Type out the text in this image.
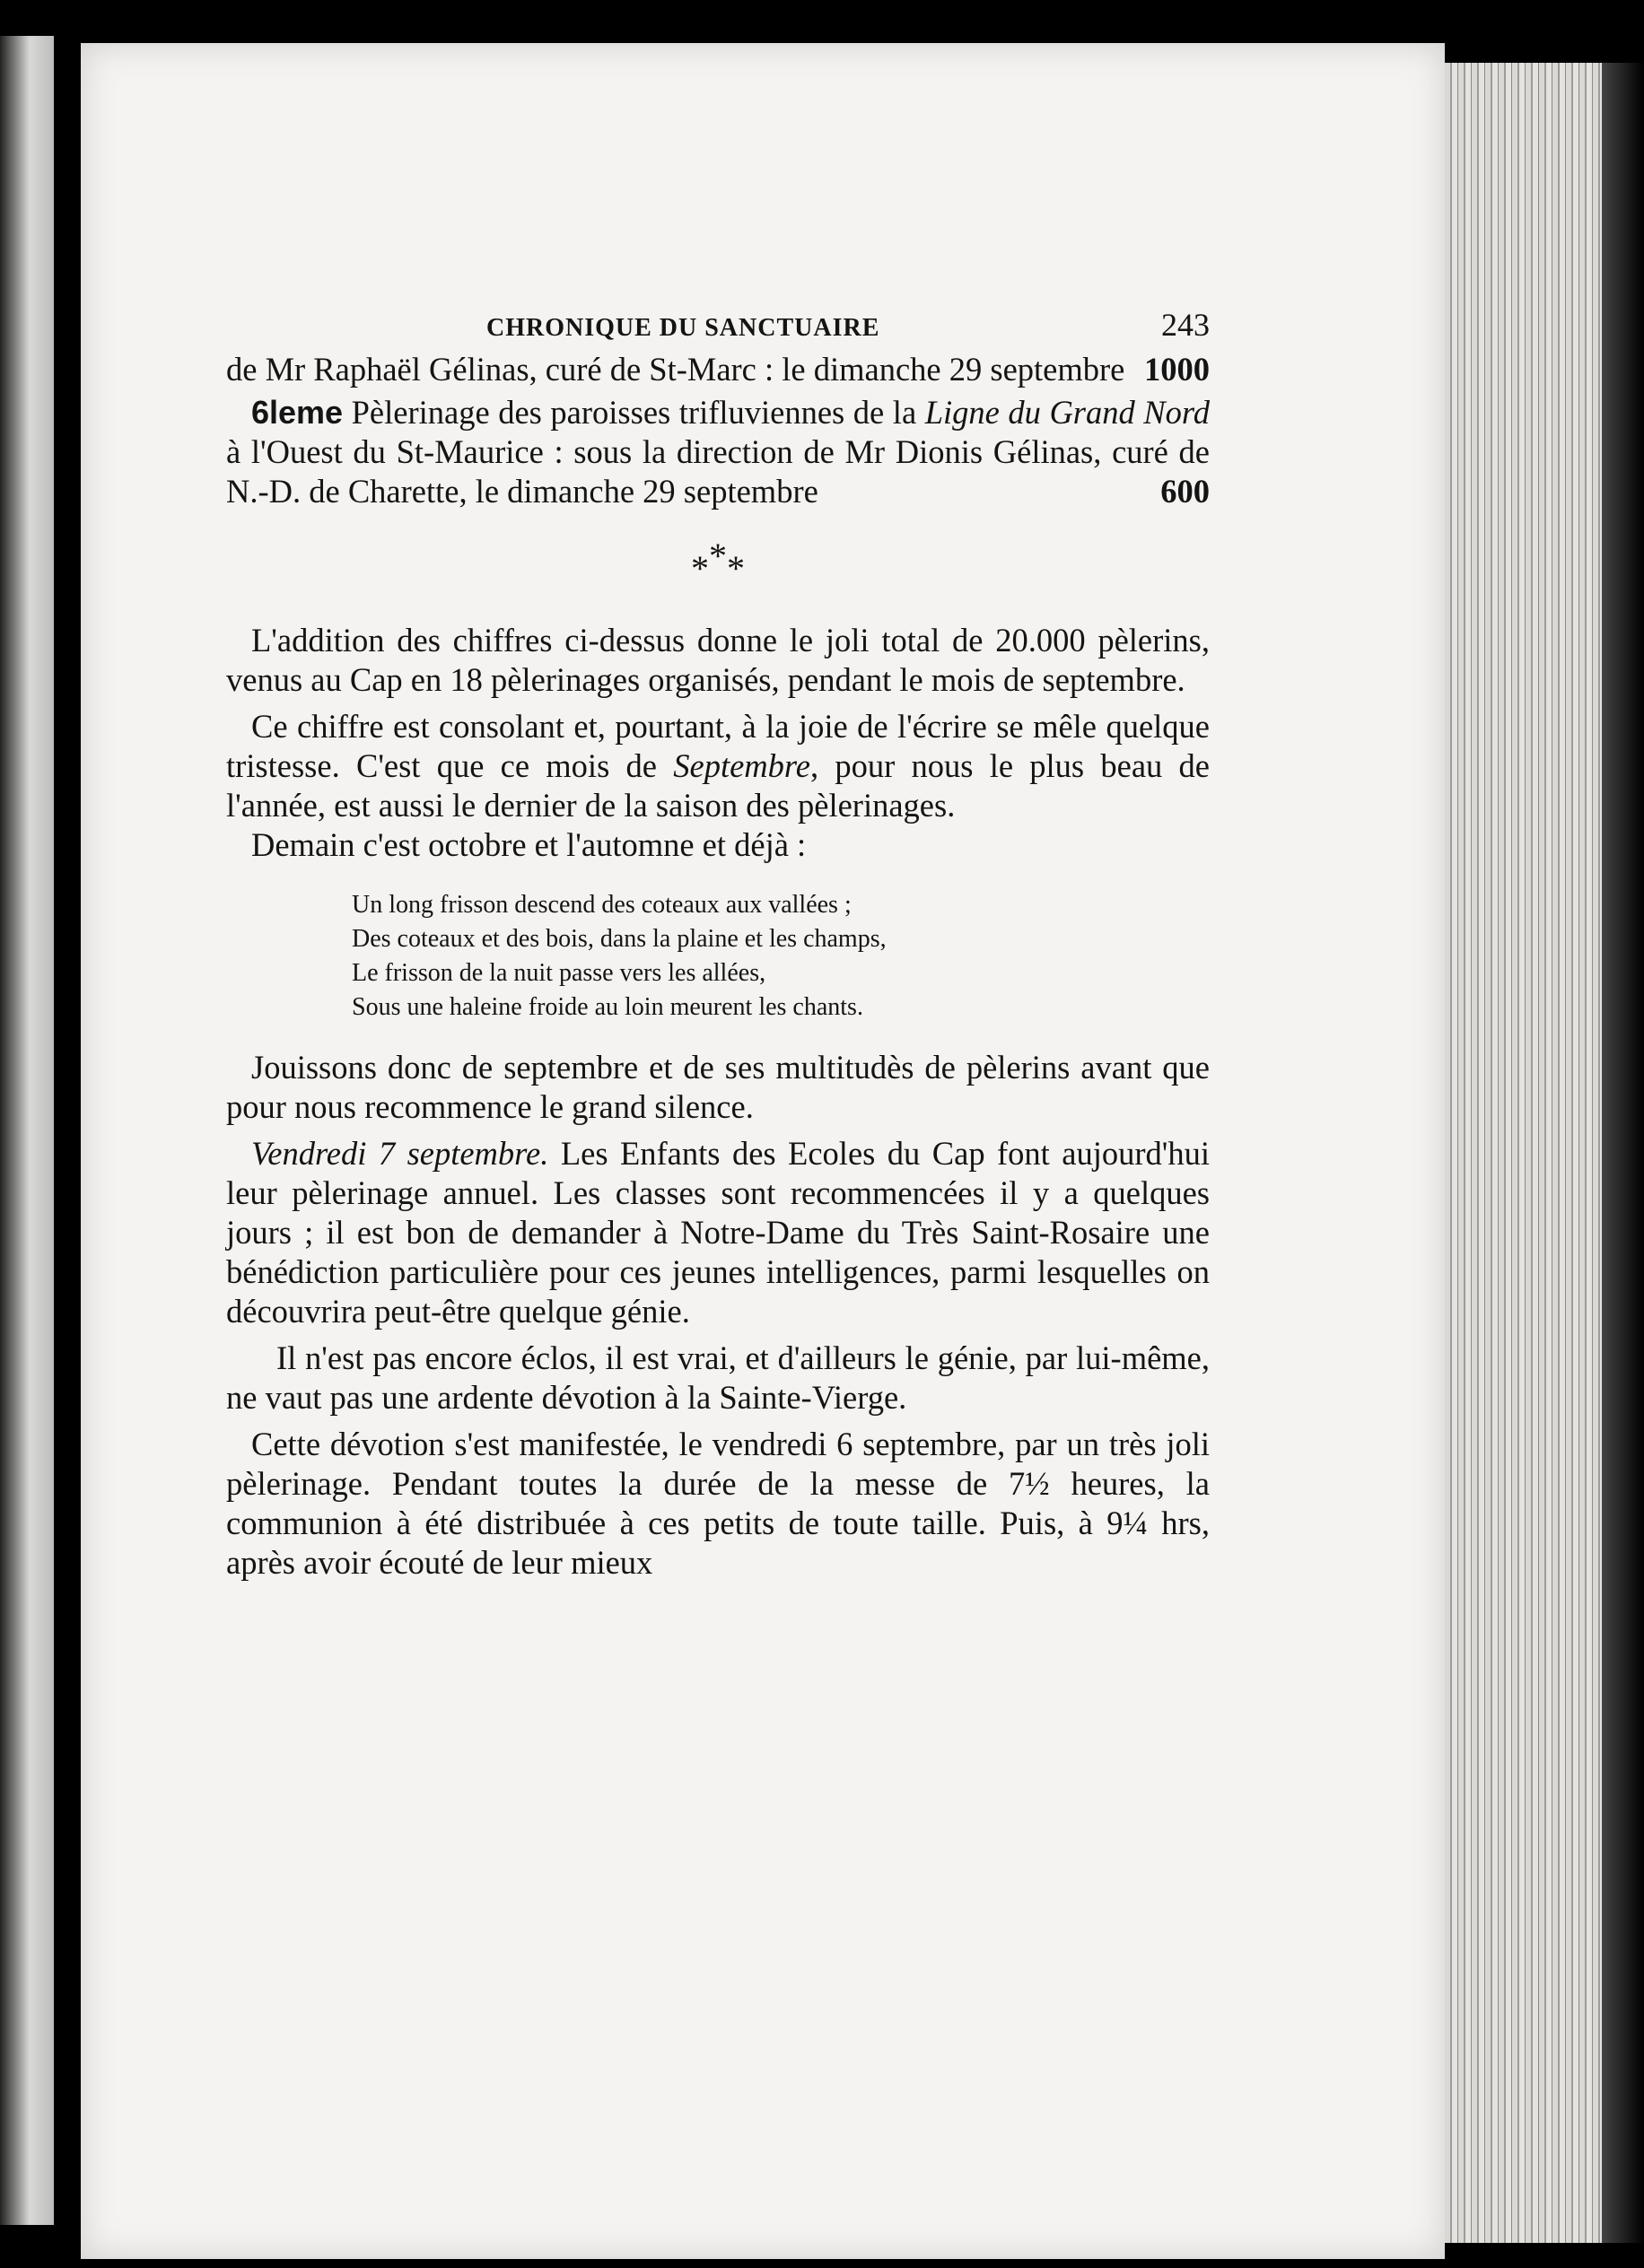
CHRONIQUE DU SANCTUAIRE	243

de Mr Raphaël Gélinas, curé de St-Marc : le dimanche 29 septembre 1000

6leme Pèlerinage des paroisses trifluviennes de la Ligne du Grand Nord à l'Ouest du St-Maurice : sous la direction de Mr Dionis Gélinas, curé de N.-D. de Charette, le dimanche 29 septembre	600
***

L'addition des chiffres ci-dessus donne le joli total de 20.000 pèlerins, venus au Cap en 18 pèlerinages organisés, pendant le mois de septembre.

Ce chiffre est consolant et, pourtant, à la joie de l'écrire se mêle quelque tristesse. C'est que ce mois de Septembre, pour nous le plus beau de l'année, est aussi le dernier de la saison des pèlerinages.

Demain c'est octobre et l'automne et déjà :

Un long frisson descend des coteaux aux vallées ;
Des coteaux et des bois, dans la plaine et les champs,
Le frisson de la nuit passe vers les allées,
Sous une haleine froide au loin meurent les chants.

Jouissons donc de septembre et de ses multitudès de pèlerins avant que pour nous recommence le grand silence.

Vendredi 7 septembre. Les Enfants des Ecoles du Cap font aujourd'hui leur pèlerinage annuel. Les classes sont recommencées il y a quelques jours ; il est bon de demander à Notre-Dame du Très Saint-Rosaire une bénédiction particulière pour ces jeunes intelligences, parmi lesquelles on découvrira peut-être quelque génie.

Il n'est pas encore éclos, il est vrai, et d'ailleurs le génie, par lui-même, ne vaut pas une ardente dévotion à la Sainte-Vierge.

Cette dévotion s'est manifestée, le vendredi 6 septembre, par un très joli pèlerinage. Pendant toutes la durée de la messe de 7½ heures, la communion à été distribuée à ces petits de toute taille. Puis, à 9¼ hrs, après avoir écouté de leur mieux
